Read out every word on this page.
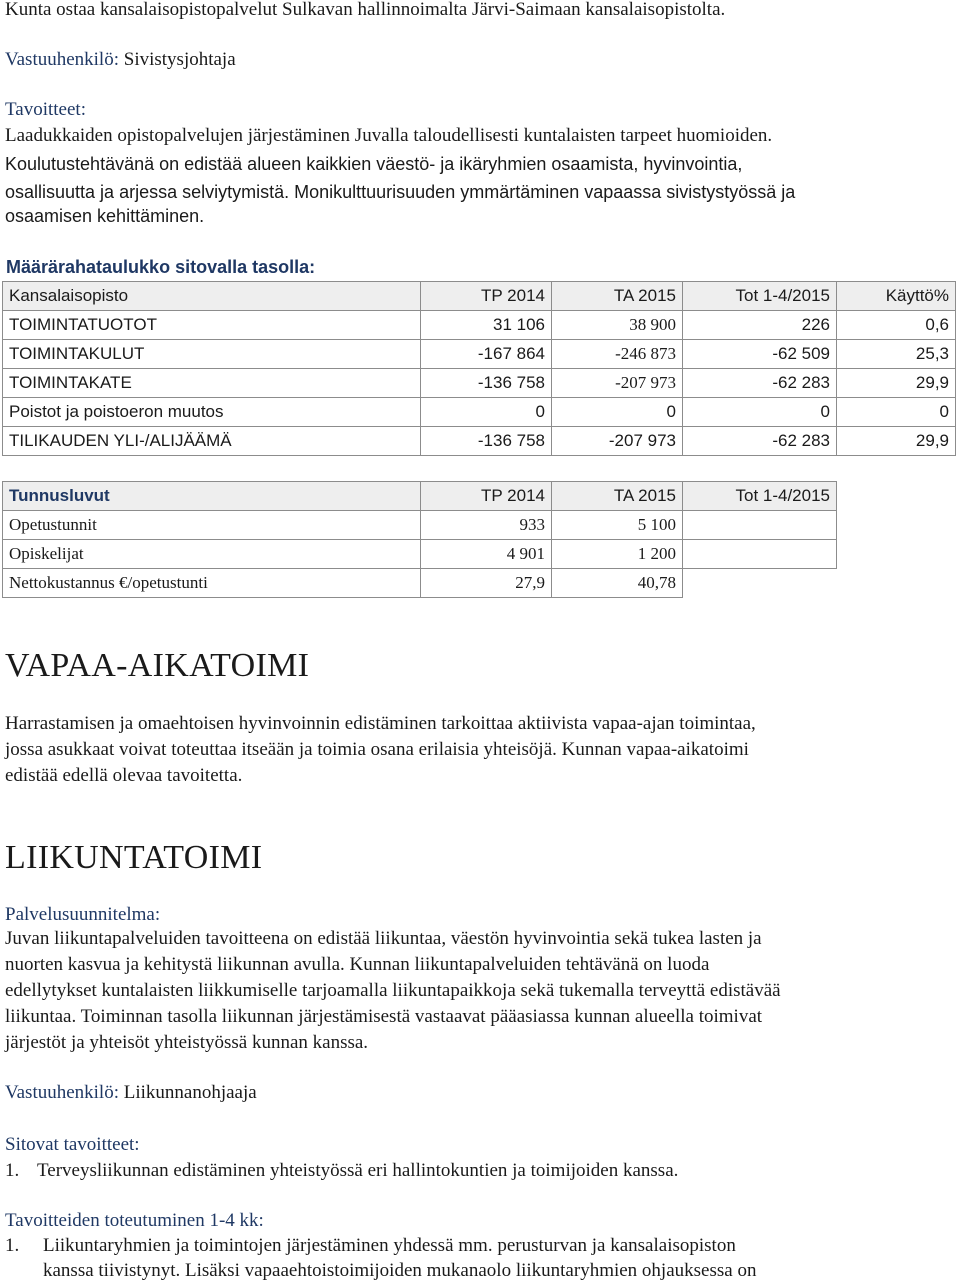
Kunta ostaa kansalaisopistopalvelut Sulkavan hallinnoimalta Järvi-Saimaan kansalaisopistolta.
Vastuuhenkilö: Sivistysjohtaja
Tavoitteet:
Laadukkaiden opistopalvelujen järjestäminen Juvalla taloudellisesti kuntalaisten tarpeet huomioiden.
Koulutustehtävänä on edistää alueen kaikkien väestö- ja ikäryhmien osaamista, hyvinvointia,
osallisuutta ja arjessa selviytymistä. Monikulttuurisuuden ymmärtäminen vapaassa sivistystyössä ja
osaamisen kehittäminen.
Määrärahataulukko sitovalla tasolla:
Kansalaisopisto	TP 2014	TA 2015	Tot 1-4/2015	Käyttö%
TOIMINTATUOTOT	31 106	38 900	226	0,6
TOIMINTAKULUT	-167 864	-246 873	-62 509	25,3
TOIMINTAKATE	-136 758	-207 973	-62 283	29,9
Poistot ja poistoeron muutos	0	0	0	0
TILIKAUDEN YLI-/ALIJÄÄMÄ	-136 758	-207 973	-62 283	29,9
Tunnusluvut	TP 2014	TA 2015	Tot 1-4/2015
Opetustunnit	933	5 100	
Opiskelijat	4 901	1 200	
Nettokustannus €/opetustunti	27,9	40,78	
VAPAA-AIKATOIMI
Harrastamisen ja omaehtoisen hyvinvoinnin edistäminen tarkoittaa aktiivista vapaa-ajan toimintaa,
jossa asukkaat voivat toteuttaa itseään ja toimia osana erilaisia yhteisöjä. Kunnan vapaa-aikatoimi
edistää edellä olevaa tavoitetta.
LIIKUNTATOIMI
Palvelusuunnitelma:
Juvan liikuntapalveluiden tavoitteena on edistää liikuntaa, väestön hyvinvointia sekä tukea lasten ja
nuorten kasvua ja kehitystä liikunnan avulla. Kunnan liikuntapalveluiden tehtävänä on luoda
edellytykset kuntalaisten liikkumiselle tarjoamalla liikuntapaikkoja sekä tukemalla terveyttä edistävää
liikuntaa. Toiminnan tasolla liikunnan järjestämisestä vastaavat pääasiassa kunnan alueella toimivat
järjestöt ja yhteisöt yhteistyössä kunnan kanssa.
Vastuuhenkilö: Liikunnanohjaaja
Sitovat tavoitteet:
1. Terveysliikunnan edistäminen yhteistyössä eri hallintokuntien ja toimijoiden kanssa.
Tavoitteiden toteutuminen 1-4 kk:
1. Liikuntaryhmien ja toimintojen järjestäminen yhdessä mm. perusturvan ja kansalaisopiston
kanssa tiivistynyt. Lisäksi vapaaehtoistoimijoiden mukanaolo liikuntaryhmien ohjauksessa on
